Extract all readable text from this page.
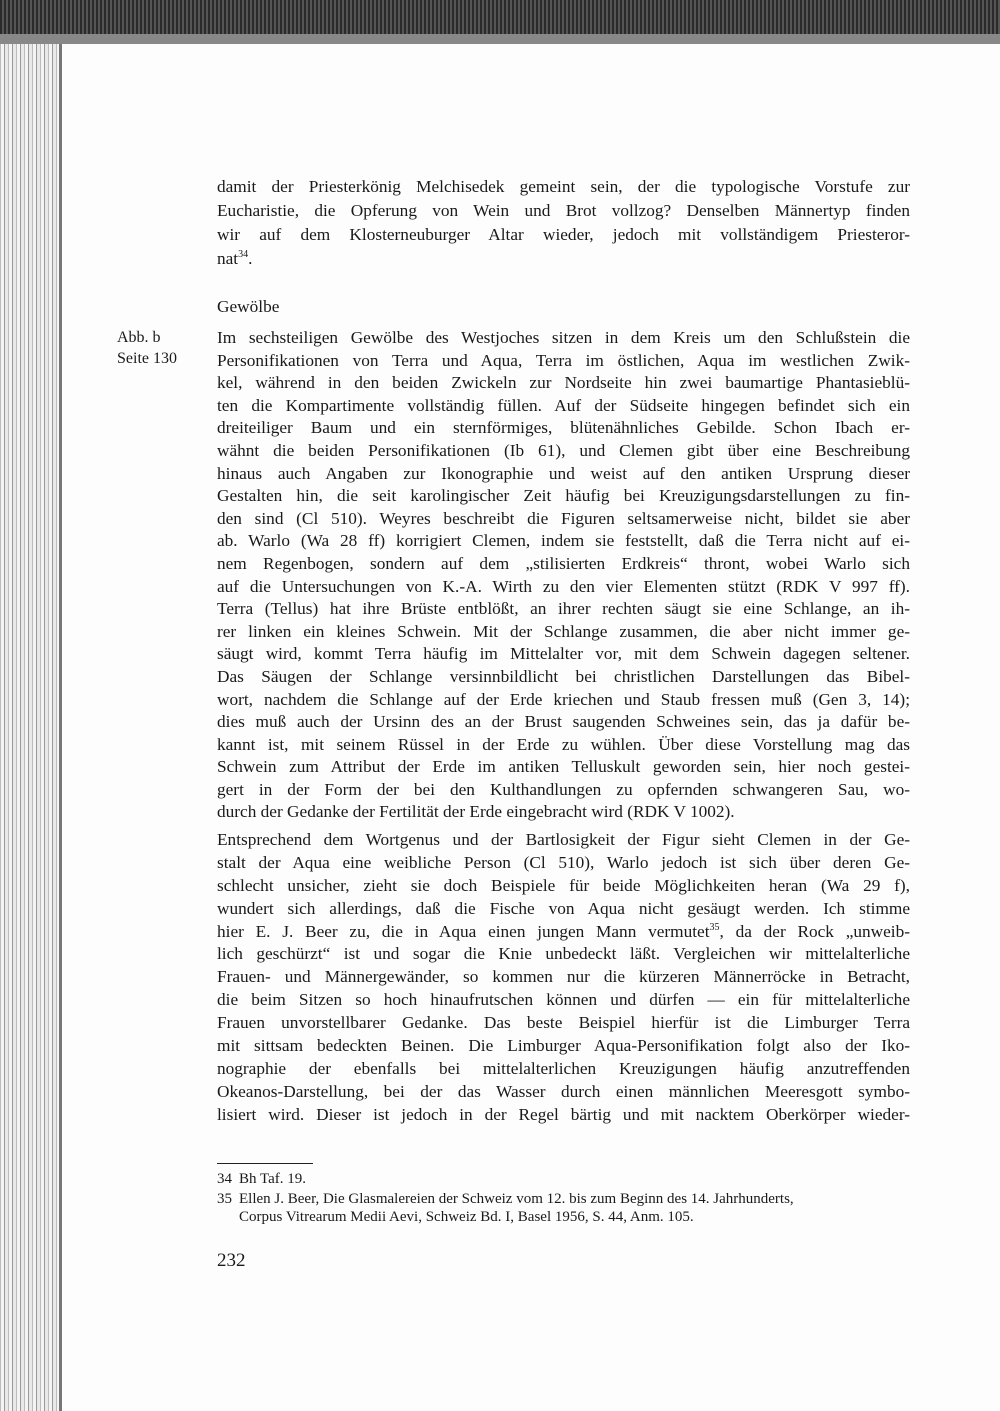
Abb. b
Seite 130
damit der Priesterkönig Melchisedek gemeint sein, der die typologische Vorstufe zur
Eucharistie, die Opferung von Wein und Brot vollzog? Denselben Männertyp finden
wir auf dem Klosterneuburger Altar wieder, jedoch mit vollständigem Priesteror-
nat$^{34}$.
Gewölbe
Im sechsteiligen Gewölbe des Westjoches sitzen in dem Kreis um den Schlußstein die
Personifikationen von Terra und Aqua, Terra im östlichen, Aqua im westlichen Zwik-
kel, während in den beiden Zwickeln zur Nordseite hin zwei baumartige Phantasieblü-
ten die Kompartimente vollständig füllen. Auf der Südseite hingegen befindet sich ein
dreiteiliger Baum und ein sternförmiges, blütenähnliches Gebilde. Schon Ibach er-
wähnt die beiden Personifikationen (Ib 61), und Clemen gibt über eine Beschreibung
hinaus auch Angaben zur Ikonographie und weist auf den antiken Ursprung dieser
Gestalten hin, die seit karolingischer Zeit häufig bei Kreuzigungsdarstellungen zu fin-
den sind (Cl 510). Weyres beschreibt die Figuren seltsamerweise nicht, bildet sie aber
ab. Warlo (Wa 28 ff) korrigiert Clemen, indem sie feststellt, daß die Terra nicht auf ei-
nem Regenbogen, sondern auf dem „stilisierten Erdkreis“ thront, wobei Warlo sich
auf die Untersuchungen von K.-A. Wirth zu den vier Elementen stützt (RDK V 997 ff).
Terra (Tellus) hat ihre Brüste entblößt, an ihrer rechten säugt sie eine Schlange, an ih-
rer linken ein kleines Schwein. Mit der Schlange zusammen, die aber nicht immer ge-
säugt wird, kommt Terra häufig im Mittelalter vor, mit dem Schwein dagegen seltener.
Das Säugen der Schlange versinnbildlicht bei christlichen Darstellungen das Bibel-
wort, nachdem die Schlange auf der Erde kriechen und Staub fressen muß (Gen 3, 14);
dies muß auch der Ursinn des an der Brust saugenden Schweines sein, das ja dafür be-
kannt ist, mit seinem Rüssel in der Erde zu wühlen. Über diese Vorstellung mag das
Schwein zum Attribut der Erde im antiken Telluskult geworden sein, hier noch gestei-
gert in der Form der bei den Kulthandlungen zu opfernden schwangeren Sau, wo-
durch der Gedanke der Fertilität der Erde eingebracht wird (RDK V 1002).
Entsprechend dem Wortgenus und der Bartlosigkeit der Figur sieht Clemen in der Ge-
stalt der Aqua eine weibliche Person (Cl 510), Warlo jedoch ist sich über deren Ge-
schlecht unsicher, zieht sie doch Beispiele für beide Möglichkeiten heran (Wa 29 f),
wundert sich allerdings, daß die Fische von Aqua nicht gesäugt werden. Ich stimme
hier E. J. Beer zu, die in Aqua einen jungen Mann vermutet$^{35}$, da der Rock „unweib-
lich geschürzt“ ist und sogar die Knie unbedeckt läßt. Vergleichen wir mittelalterliche
Frauen- und Männergewänder, so kommen nur die kürzeren Männerröcke in Betracht,
die beim Sitzen so hoch hinaufrutschen können und dürfen — ein für mittelalterliche
Frauen unvorstellbarer Gedanke. Das beste Beispiel hierfür ist die Limburger Terra
mit sittsam bedeckten Beinen. Die Limburger Aqua-Personifikation folgt also der Iko-
nographie der ebenfalls bei mittelalterlichen Kreuzigungen häufig anzutreffenden
Okeanos-Darstellung, bei der das Wasser durch einen männlichen Meeresgott symbo-
lisiert wird. Dieser ist jedoch in der Regel bärtig und mit nacktem Oberkörper wieder-
34 Bh Taf. 19.
35 Ellen J. Beer, Die Glasmalereien der Schweiz vom 12. bis zum Beginn des 14. Jahrhunderts,
Corpus Vitrearum Medii Aevi, Schweiz Bd. I, Basel 1956, S. 44, Anm. 105.
232
